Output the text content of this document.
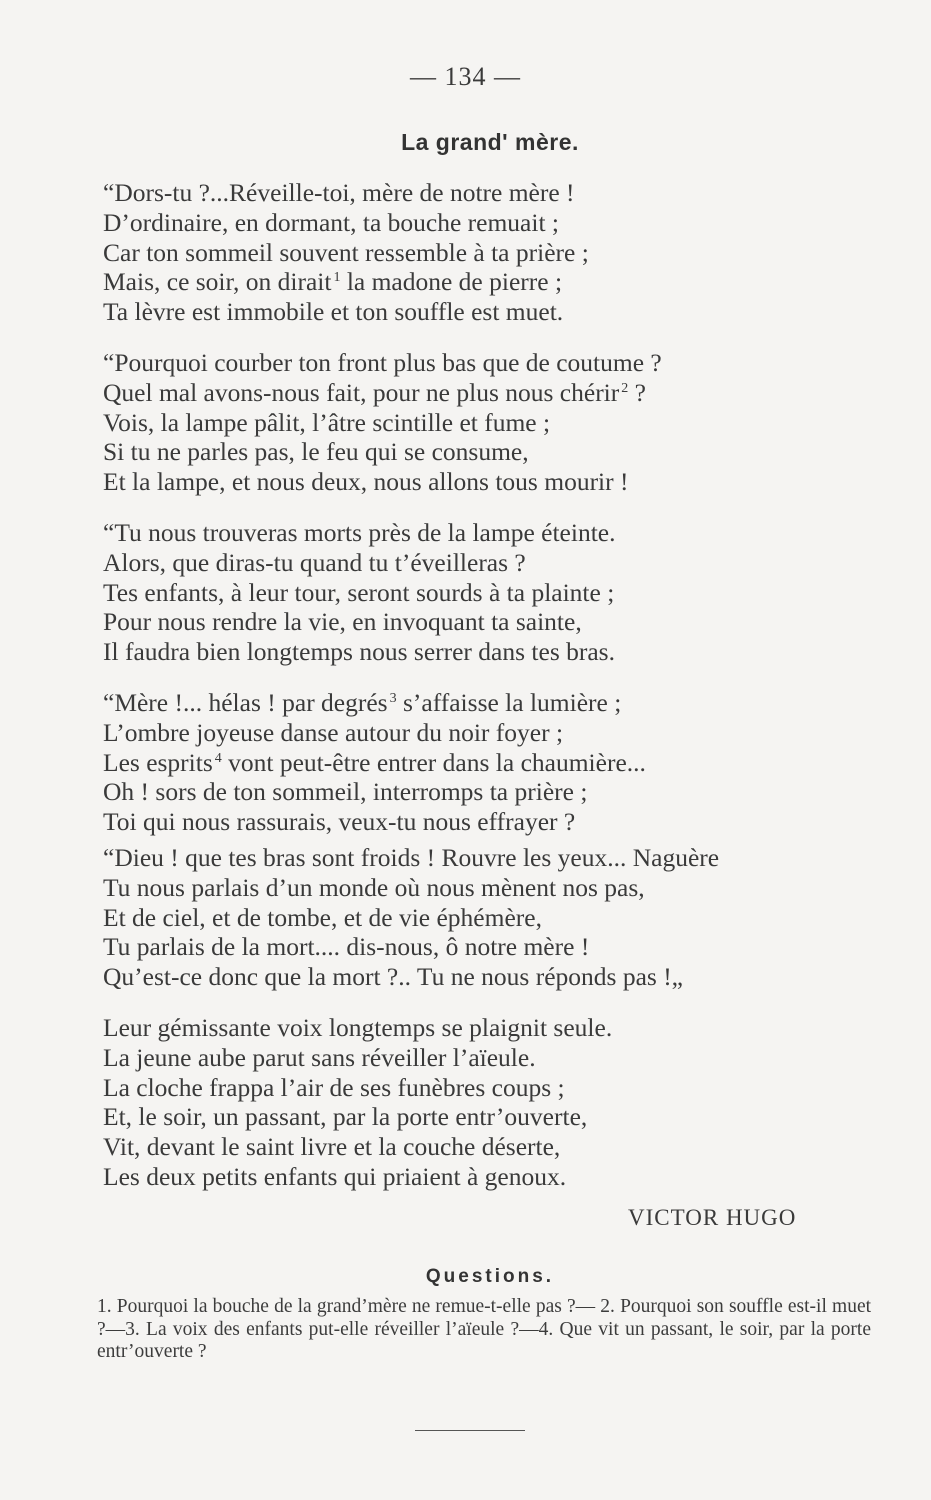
— 134 —
La grand' mère.
“Dors-tu ?...Réveille-toi, mère de notre mère !
D’ordinaire, en dormant, ta bouche remuait ;
Car ton sommeil souvent ressemble à ta prière ;
Mais, ce soir, on dirait $^1$ la madone de pierre ;
Ta lèvre est immobile et ton souffle est muet.
“Pourquoi courber ton front plus bas que de coutume ?
Quel mal avons-nous fait, pour ne plus nous chérir $^2$ ?
Vois, la lampe pâlit, l’âtre scintille et fume ;
Si tu ne parles pas, le feu qui se consume,
Et la lampe, et nous deux, nous allons tous mourir !
“Tu nous trouveras morts près de la lampe éteinte.
Alors, que diras-tu quand tu t’éveilleras ?
Tes enfants, à leur tour, seront sourds à ta plainte ;
Pour nous rendre la vie, en invoquant ta sainte,
Il faudra bien longtemps nous serrer dans tes bras.
“Mère !... hélas ! par degrés $^3$ s’affaisse la lumière ;
L’ombre joyeuse danse autour du noir foyer ;
Les esprits $^4$ vont peut-être entrer dans la chaumière...
Oh ! sors de ton sommeil, interromps ta prière ;
Toi qui nous rassurais, veux-tu nous effrayer ?
“Dieu ! que tes bras sont froids ! Rouvre les yeux... Naguère
Tu nous parlais d’un monde où nous mènent nos pas,
Et de ciel, et de tombe, et de vie éphémère,
Tu parlais de la mort.... dis-nous, ô notre mère !
Qu’est-ce donc que la mort ?.. Tu ne nous réponds pas !„
Leur gémissante voix longtemps se plaignit seule.
La jeune aube parut sans réveiller l’aïeule.
La cloche frappa l’air de ses funèbres coups ;
Et, le soir, un passant, par la porte entr’ouverte,
Vit, devant le saint livre et la couche déserte,
Les deux petits enfants qui priaient à genoux.
VICTOR HUGO
Questions.
1. Pourquoi la bouche de la grand’mère ne remue-t-elle pas ?— 2. Pourquoi son souffle est-il muet ?—3. La voix des enfants put-elle réveiller l’aïeule ?—4. Que vit un passant, le soir, par la porte entr’ouverte ?
